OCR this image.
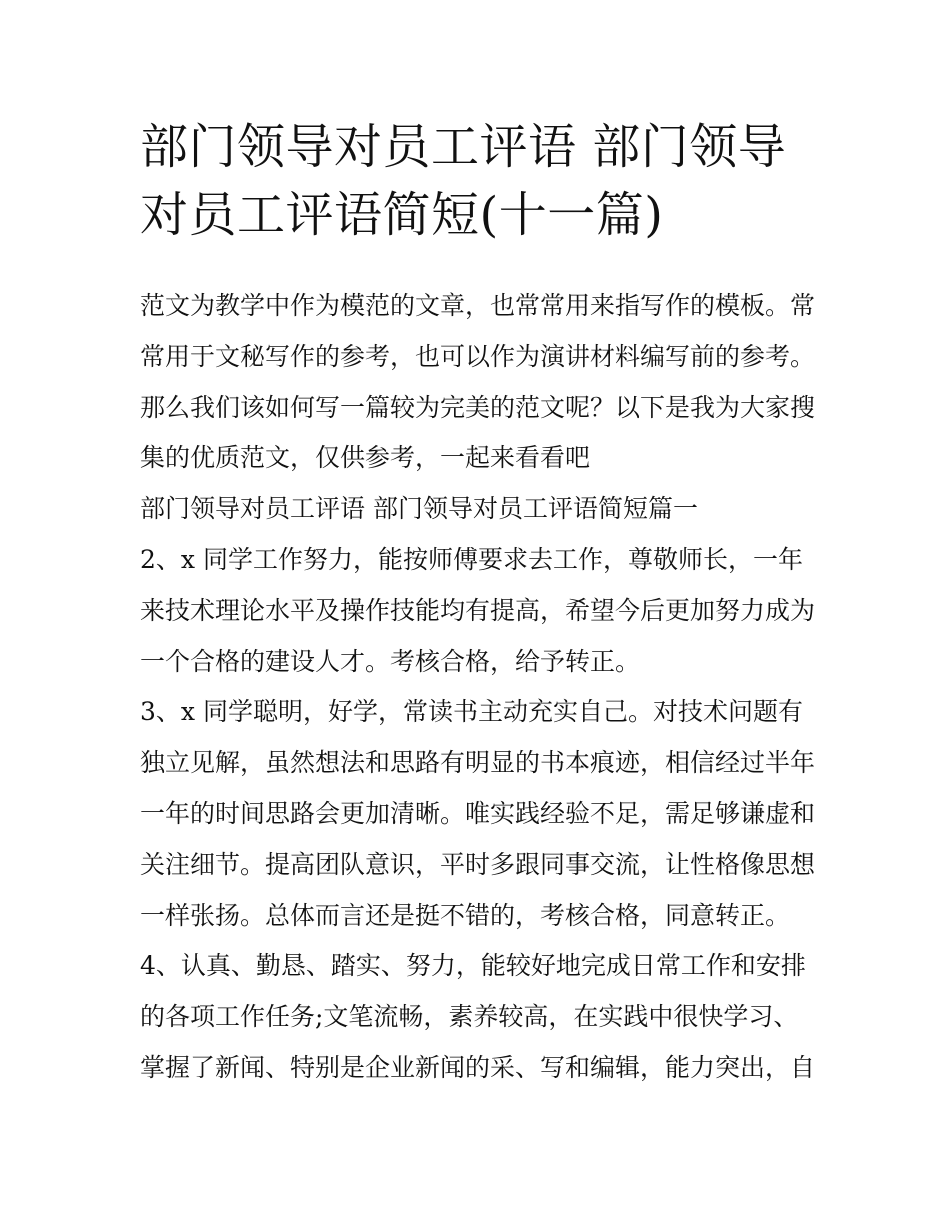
部门领导对员工评语 部门领导
对员工评语简短(十一篇)
范文为教学中作为模范的文章，也常常用来指写作的模板。常
常用于文秘写作的参考，也可以作为演讲材料编写前的参考。
那么我们该如何写一篇较为完美的范文呢？以下是我为大家搜
集的优质范文，仅供参考，一起来看看吧
部门领导对员工评语 部门领导对员工评语简短篇一
2、x 同学工作努力，能按师傅要求去工作，尊敬师长，一年
来技术理论水平及操作技能均有提高，希望今后更加努力成为
一个合格的建设人才。考核合格，给予转正。
3、x 同学聪明，好学，常读书主动充实自己。对技术问题有
独立见解，虽然想法和思路有明显的书本痕迹，相信经过半年
一年的时间思路会更加清晰。唯实践经验不足，需足够谦虚和
关注细节。提高团队意识，平时多跟同事交流，让性格像思想
一样张扬。总体而言还是挺不错的，考核合格，同意转正。
4、认真、勤恳、踏实、努力，能较好地完成日常工作和安排
的各项工作任务;文笔流畅，素养较高，在实践中很快学习、
掌握了新闻、特别是企业新闻的采、写和编辑，能力突出，自
